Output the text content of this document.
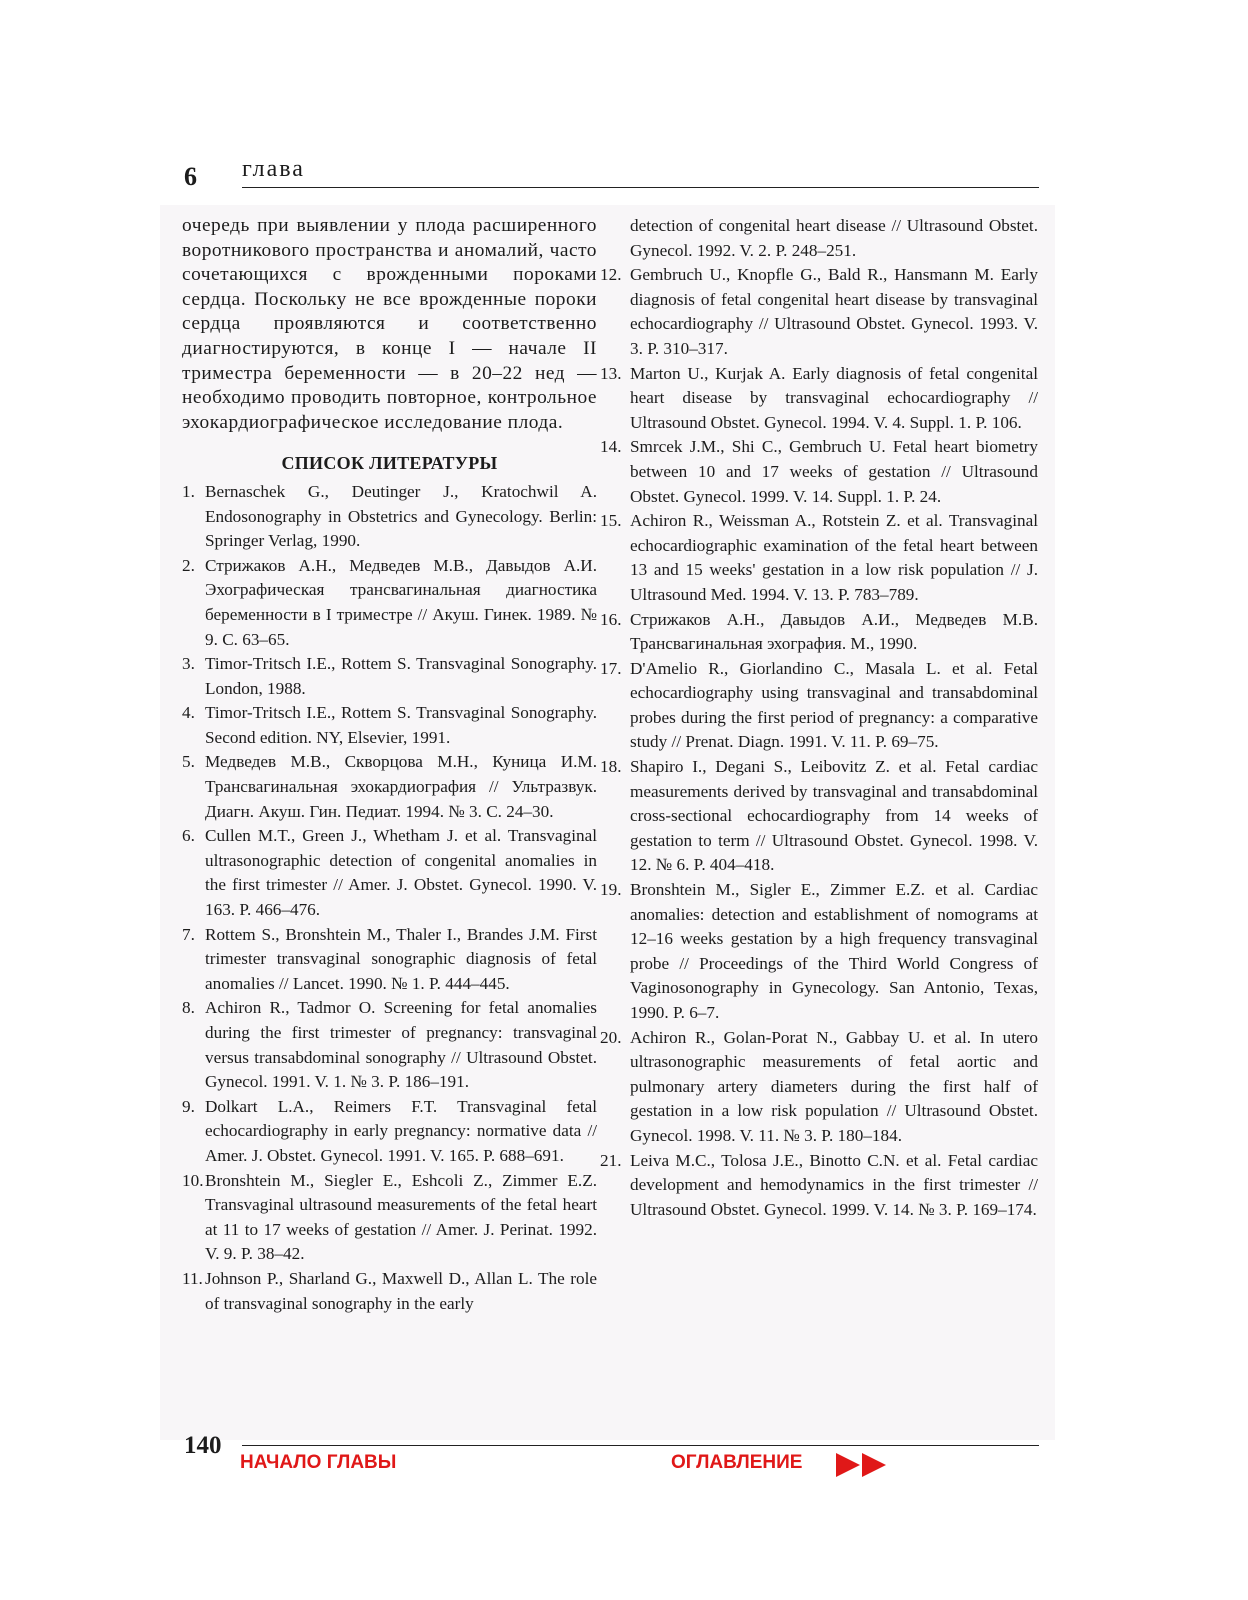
6 глава

очередь при выявлении у плода расширенного воротникового пространства и аномалий, часто сочетающихся с врожденными пороками сердца. Поскольку не все врожденные пороки сердца проявляются и соответственно диагностируются, в конце I — начале II триместра беременности — в 20–22 нед — необходимо проводить повторное, контрольное эхокардиографическое исследование плода.

СПИСОК ЛИТЕРАТУРЫ
1. Bernaschek G., Deutinger J., Kratochwil A. Endosonography in Obstetrics and Gynecology. Berlin: Springer Verlag, 1990.
2. Стрижаков А.Н., Медведев М.В., Давыдов А.И. Эхографическая трансвагинальная диагностика беременности в I триместре // Акуш. Гинек. 1989. № 9. С. 63–65.
3. Timor-Tritsch I.E., Rottem S. Transvaginal Sonography. London, 1988.
4. Timor-Tritsch I.E., Rottem S. Transvaginal Sonography. Second edition. NY, Elsevier, 1991.
5. Медведев М.В., Скворцова М.Н., Куница И.М. Трансвагинальная эхокардиография // Ультразвук. Диагн. Акуш. Гин. Педиат. 1994. № 3. С. 24–30.
6. Cullen M.T., Green J., Whetham J. et al. Transvaginal ultrasonographic detection of congenital anomalies in the first trimester // Amer. J. Obstet. Gynecol. 1990. V. 163. P. 466–476.
7. Rottem S., Bronshtein M., Thaler I., Brandes J.M. First trimester transvaginal sonographic diagnosis of fetal anomalies // Lancet. 1990. № 1. P. 444–445.
8. Achiron R., Tadmor O. Screening for fetal anomalies during the first trimester of pregnancy: transvaginal versus transabdominal sonography // Ultrasound Obstet. Gynecol. 1991. V. 1. № 3. P. 186–191.
9. Dolkart L.A., Reimers F.T. Transvaginal fetal echocardiography in early pregnancy: normative data // Amer. J. Obstet. Gynecol. 1991. V. 165. P. 688–691.
10. Bronshtein M., Siegler E., Eshcoli Z., Zimmer E.Z. Transvaginal ultrasound measurements of the fetal heart at 11 to 17 weeks of gestation // Amer. J. Perinat. 1992. V. 9. P. 38–42.
11. Johnson P., Sharland G., Maxwell D., Allan L. The role of transvaginal sonography in the early
detection of congenital heart disease // Ultrasound Obstet. Gynecol. 1992. V. 2. P. 248–251.
12. Gembruch U., Knopfle G., Bald R., Hansmann M. Early diagnosis of fetal congenital heart disease by transvaginal echocardiography // Ultrasound Obstet. Gynecol. 1993. V. 3. P. 310–317.
13. Marton U., Kurjak A. Early diagnosis of fetal congenital heart disease by transvaginal echocardiography // Ultrasound Obstet. Gynecol. 1994. V. 4. Suppl. 1. P. 106.
14. Smrcek J.M., Shi C., Gembruch U. Fetal heart biometry between 10 and 17 weeks of gestation // Ultrasound Obstet. Gynecol. 1999. V. 14. Suppl. 1. P. 24.
15. Achiron R., Weissman A., Rotstein Z. et al. Transvaginal echocardiographic examination of the fetal heart between 13 and 15 weeks' gestation in a low risk population // J. Ultrasound Med. 1994. V. 13. P. 783–789.
16. Стрижаков А.Н., Давыдов А.И., Медведев М.В. Трансвагинальная эхография. М., 1990.
17. D'Amelio R., Giorlandino C., Masala L. et al. Fetal echocardiography using transvaginal and transabdominal probes during the first period of pregnancy: a comparative study // Prenat. Diagn. 1991. V. 11. P. 69–75.
18. Shapiro I., Degani S., Leibovitz Z. et al. Fetal cardiac measurements derived by transvaginal and transabdominal cross-sectional echocardiography from 14 weeks of gestation to term // Ultrasound Obstet. Gynecol. 1998. V. 12. № 6. P. 404–418.
19. Bronshtein M., Sigler E., Zimmer E.Z. et al. Cardiac anomalies: detection and establishment of nomograms at 12–16 weeks gestation by a high frequency transvaginal probe // Proceedings of the Third World Congress of Vaginosonography in Gynecology. San Antonio, Texas, 1990. P. 6–7.
20. Achiron R., Golan-Porat N., Gabbay U. et al. In utero ultrasonographic measurements of fetal aortic and pulmonary artery diameters during the first half of gestation in a low risk population // Ultrasound Obstet. Gynecol. 1998. V. 11. № 3. P. 180–184.
21. Leiva M.C., Tolosa J.E., Binotto C.N. et al. Fetal cardiac development and hemodynamics in the first trimester // Ultrasound Obstet. Gynecol. 1999. V. 14. № 3. P. 169–174.
140
НАЧАЛО ГЛАВЫ	ОГЛАВЛЕНИЕ
